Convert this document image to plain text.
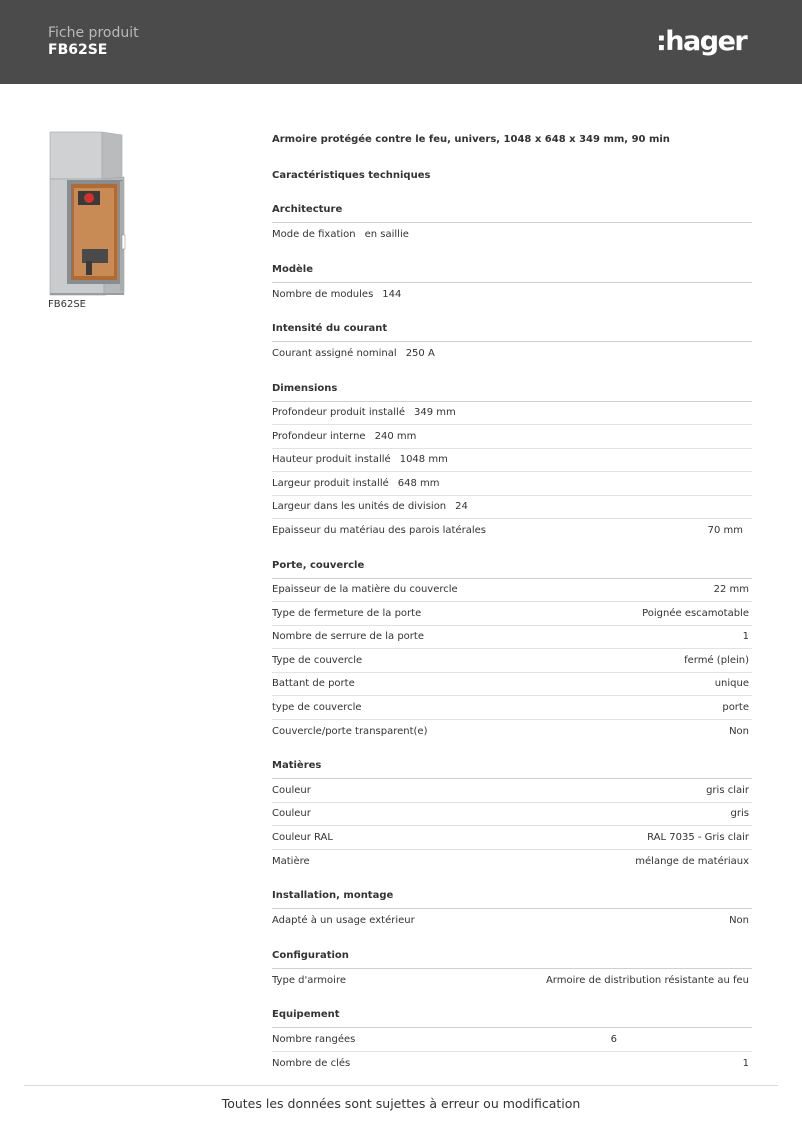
Fiche produit
FB62SE	:hager
FB62SE
Armoire protégée contre le feu, univers, 1048 x 648 x 349 mm, 90 min
Caractéristiques techniques
Architecture
Mode de fixation en saillie
Modèle
Nombre de modules 144
Intensité du courant
Courant assigné nominal 250 A
Dimensions
Profondeur produit installé 349 mm
Profondeur interne 240 mm
Hauteur produit installé 1048 mm
Largeur produit installé 648 mm
Largeur dans les unités de division 24
Epaisseur du matériau des parois latérales	70 mm
Porte, couvercle
Epaisseur de la matière du couvercle	22 mm
Type de fermeture de la porte	Poignée escamotable
Nombre de serrure de la porte	1
Type de couvercle	fermé (plein)
Battant de porte	unique
type de couvercle	porte
Couvercle/porte transparent(e)	Non
Matières
Couleur	gris clair
Couleur	gris
Couleur RAL	RAL 7035 - Gris clair
Matière	mélange de matériaux
Installation, montage
Adapté à un usage extérieur	Non
Configuration
Type d'armoire	Armoire de distribution résistante au feu
Equipement
Nombre rangées	6
Nombre de clés	1
Toutes les données sont sujettes à erreur ou modification
